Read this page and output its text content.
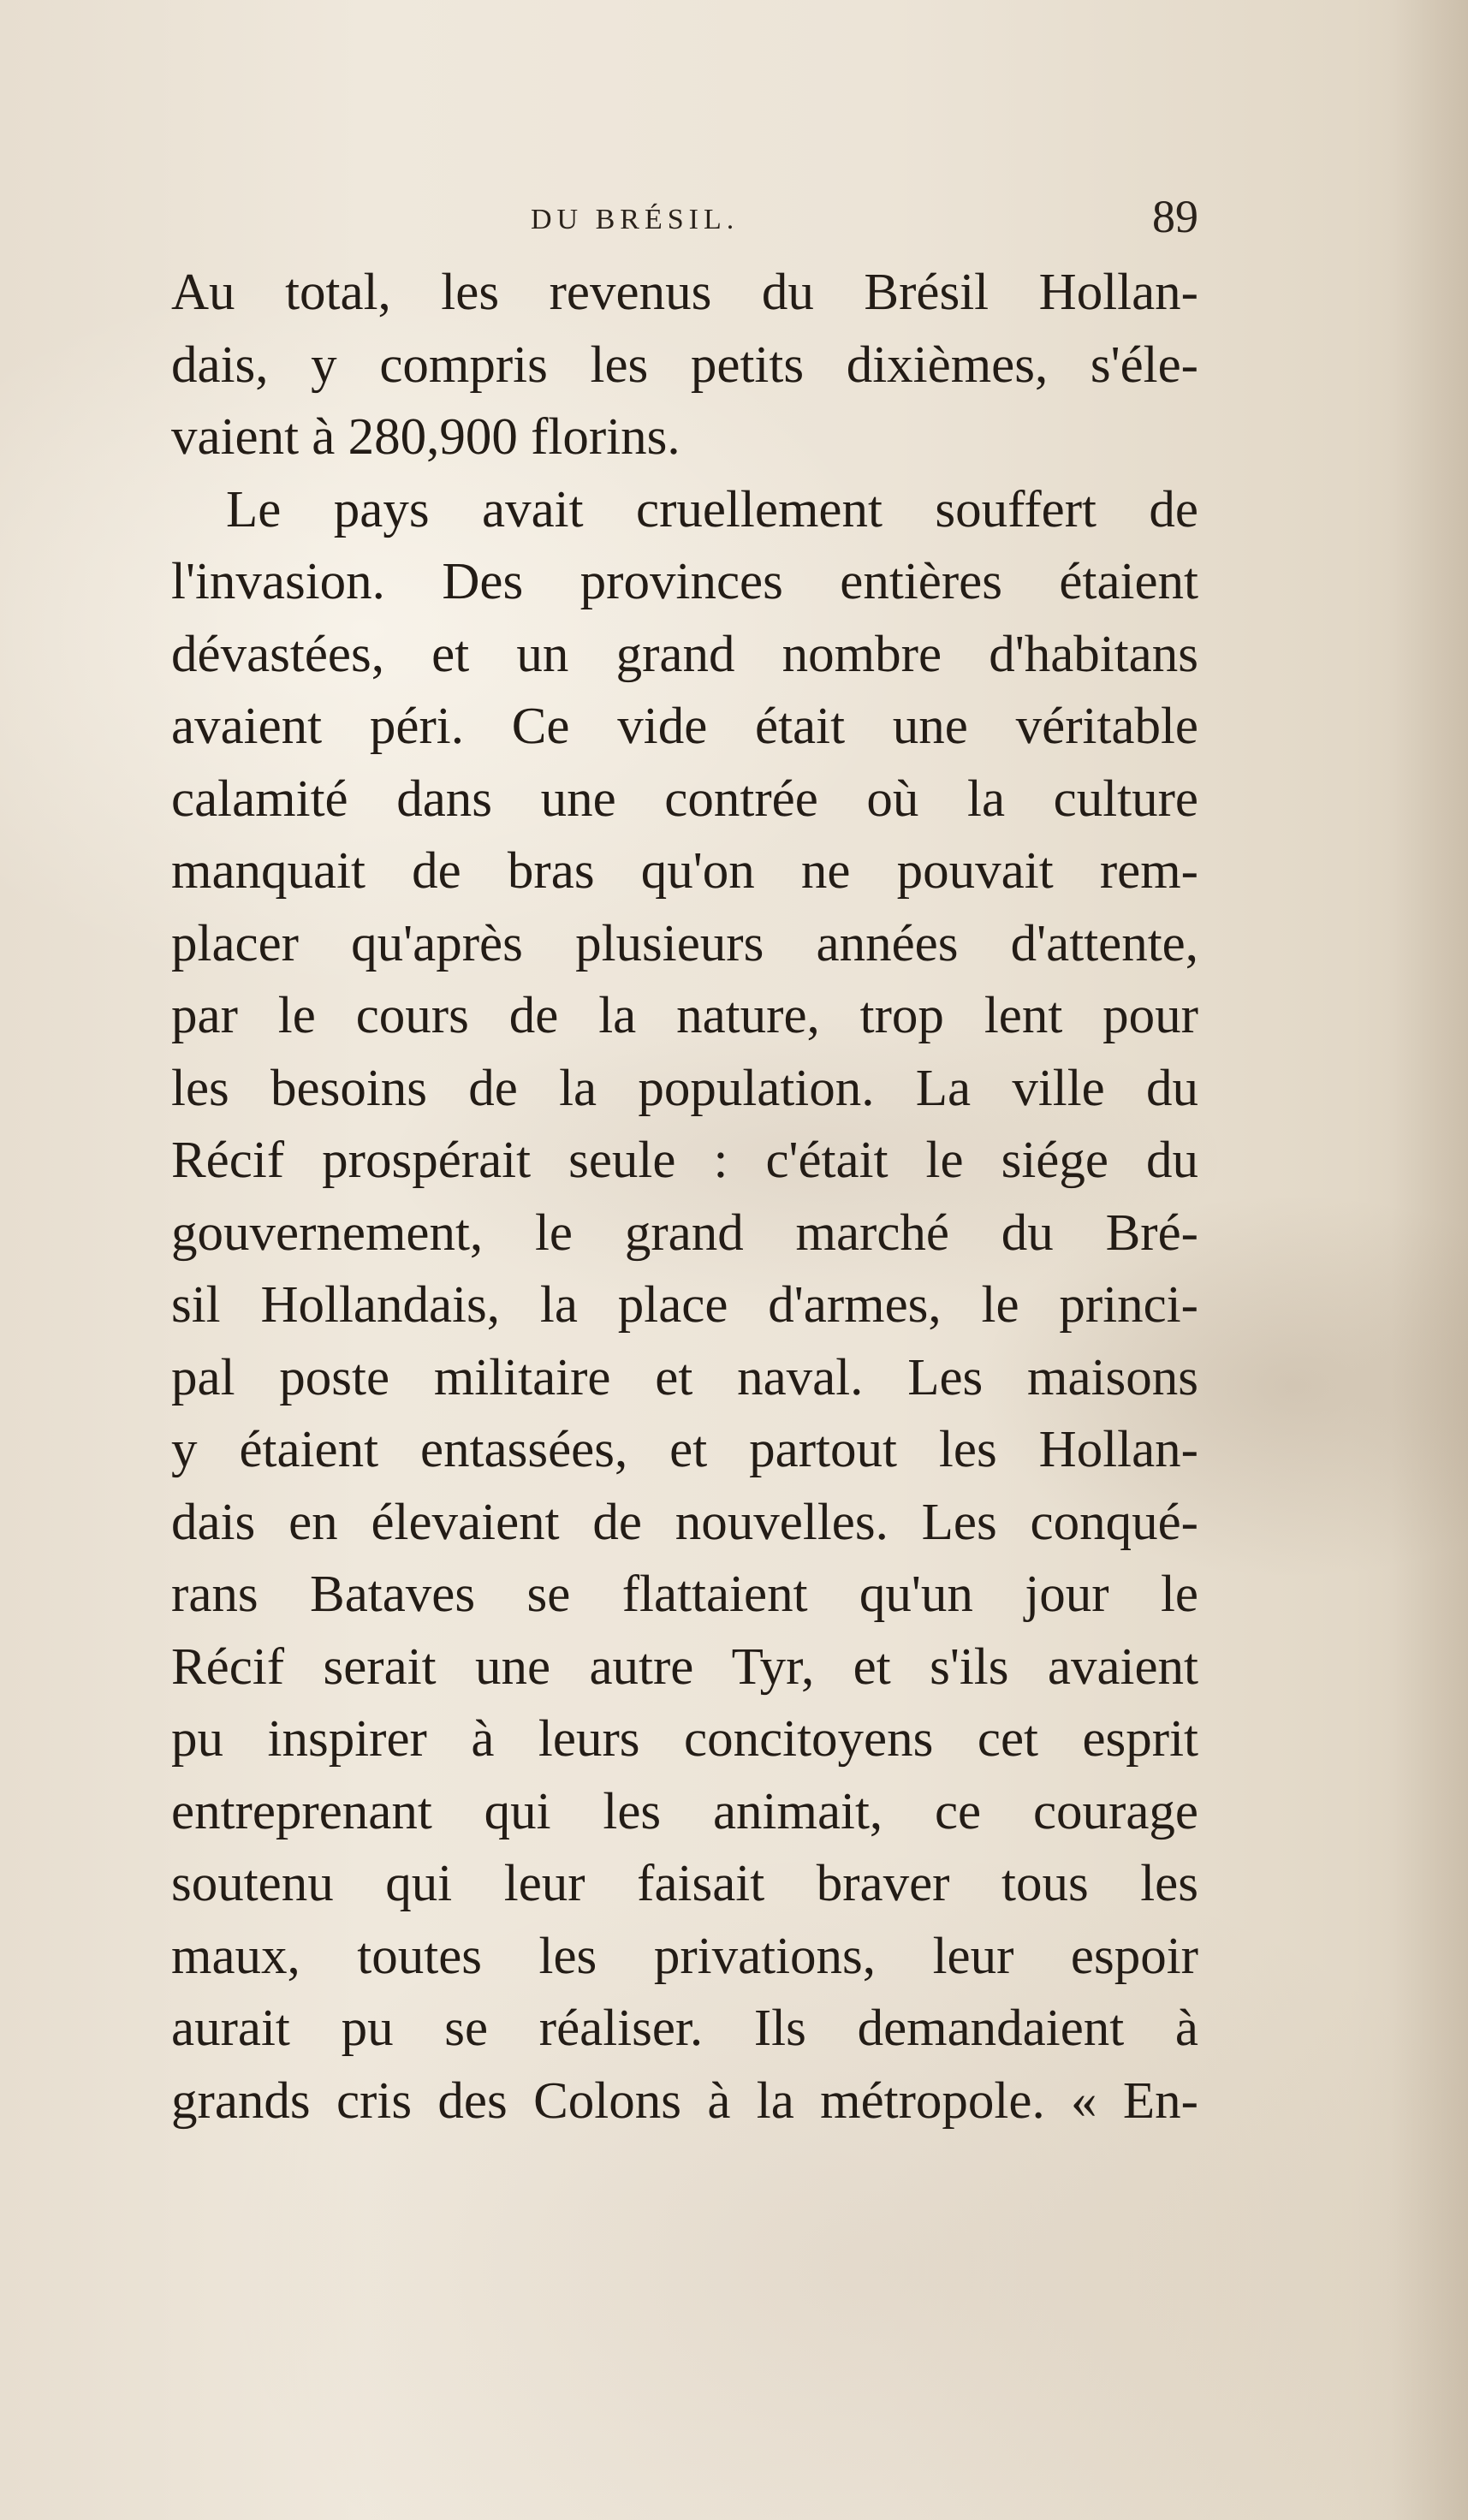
DU BRÉSIL.	89
Au total, les revenus du Brésil Hollan-
dais, y compris les petits dixièmes, s'éle-
vaient à 280,900 florins.
Le pays avait cruellement souffert de
l'invasion. Des provinces entières étaient
dévastées, et un grand nombre d'habitans
avaient péri. Ce vide était une véritable
calamité dans une contrée où la culture
manquait de bras qu'on ne pouvait rem-
placer qu'après plusieurs années d'attente,
par le cours de la nature, trop lent pour
les besoins de la population. La ville du
Récif prospérait seule : c'était le siége du
gouvernement, le grand marché du Bré-
sil Hollandais, la place d'armes, le princi-
pal poste militaire et naval. Les maisons
y étaient entassées, et partout les Hollan-
dais en élevaient de nouvelles. Les conqué-
rans Bataves se flattaient qu'un jour le
Récif serait une autre Tyr, et s'ils avaient
pu inspirer à leurs concitoyens cet esprit
entreprenant qui les animait, ce courage
soutenu qui leur faisait braver tous les
maux, toutes les privations, leur espoir
aurait pu se réaliser. Ils demandaient à
grands cris des Colons à la métropole. « En-
